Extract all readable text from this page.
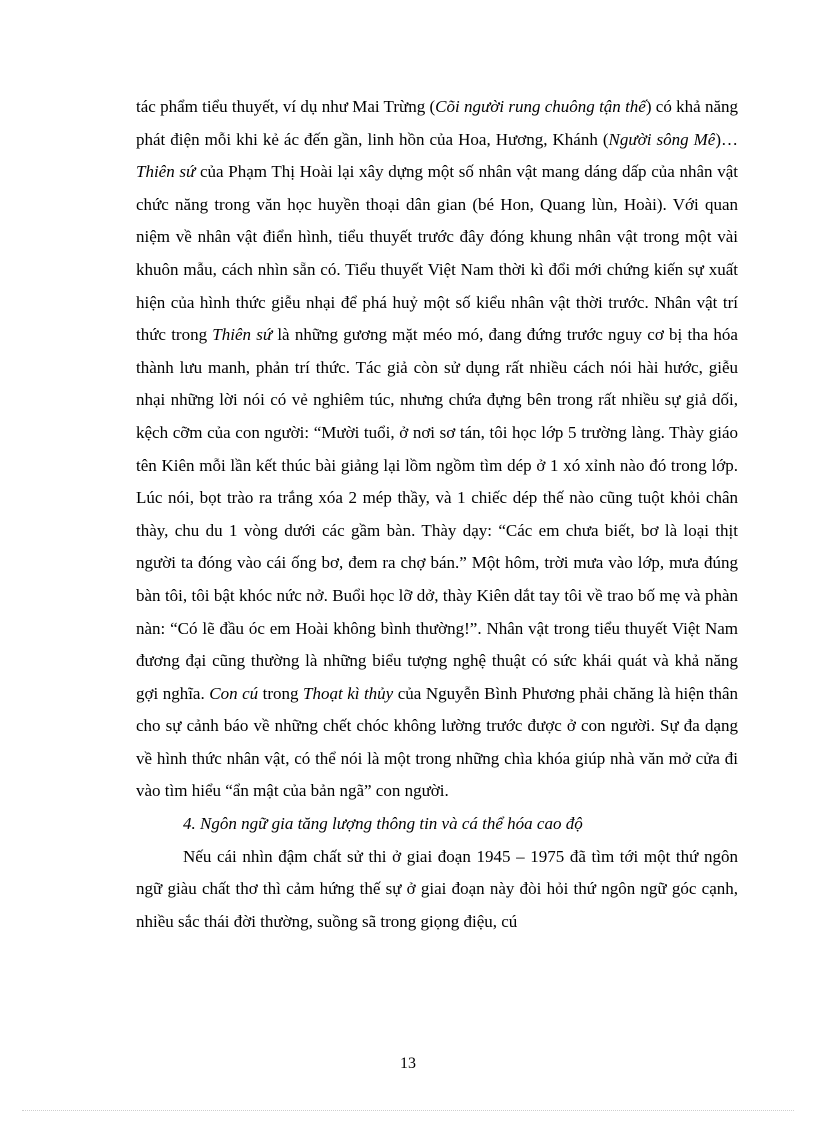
tác phẩm tiểu thuyết, ví dụ như Mai Trừng (Cõi người rung chuông tận thế) có khả năng phát điện mỗi khi kẻ ác đến gần, linh hồn của Hoa, Hương, Khánh (Người sông Mê)… Thiên sứ của Phạm Thị Hoài lại xây dựng một số nhân vật mang dáng dấp của nhân vật chức năng trong văn học huyền thoại dân gian (bé Hon, Quang lùn, Hoài). Với quan niệm về nhân vật điển hình, tiểu thuyết trước đây đóng khung nhân vật trong một vài khuôn mẫu, cách nhìn sẵn có. Tiểu thuyết Việt Nam thời kì đổi mới chứng kiến sự xuất hiện của hình thức giễu nhại để phá huỷ một số kiểu nhân vật thời trước. Nhân vật trí thức trong Thiên sứ là những gương mặt méo mó, đang đứng trước nguy cơ bị tha hóa thành lưu manh, phản trí thức. Tác giả còn sử dụng rất nhiều cách nói hài hước, giễu nhại những lời nói có vẻ nghiêm túc, nhưng chứa đựng bên trong rất nhiều sự giả dối, kệch cỡm của con người: “Mười tuổi, ở nơi sơ tán, tôi học lớp 5 trường làng. Thày giáo tên Kiên mỗi lần kết thúc bài giảng lại lồm ngồm tìm dép ở 1 xó xỉnh nào đó trong lớp. Lúc nói, bọt trào ra trắng xóa 2 mép thầy, và 1 chiếc dép thế nào cũng tuột khỏi chân thày, chu du 1 vòng dưới các gầm bàn. Thày dạy: “Các em chưa biết, bơ là loại thịt người ta đóng vào cái ống bơ, đem ra chợ bán.” Một hôm, trời mưa vào lớp, mưa đúng bàn tôi, tôi bật khóc nức nở. Buổi học lỡ dở, thày Kiên dắt tay tôi về trao bố mẹ và phàn nàn: “Có lẽ đầu óc em Hoài không bình thường!”. Nhân vật trong tiểu thuyết Việt Nam đương đại cũng thường là những biểu tượng nghệ thuật có sức khái quát và khả năng gợi nghĩa. Con cú trong Thoạt kì thủy của Nguyễn Bình Phương phải chăng là hiện thân cho sự cảnh báo về những chết chóc không lường trước được ở con người. Sự đa dạng về hình thức nhân vật, có thể nói là một trong những chìa khóa giúp nhà văn mở cửa đi vào tìm hiểu “ẩn mật của bản ngã” con người.

4. Ngôn ngữ gia tăng lượng thông tin và cá thể hóa cao độ

Nếu cái nhìn đậm chất sử thi ở giai đoạn 1945 – 1975 đã tìm tới một thứ ngôn ngữ giàu chất thơ thì cảm hứng thế sự ở giai đoạn này đòi hỏi thứ ngôn ngữ góc cạnh, nhiều sắc thái đời thường, suồng sã trong giọng điệu, cú

13
